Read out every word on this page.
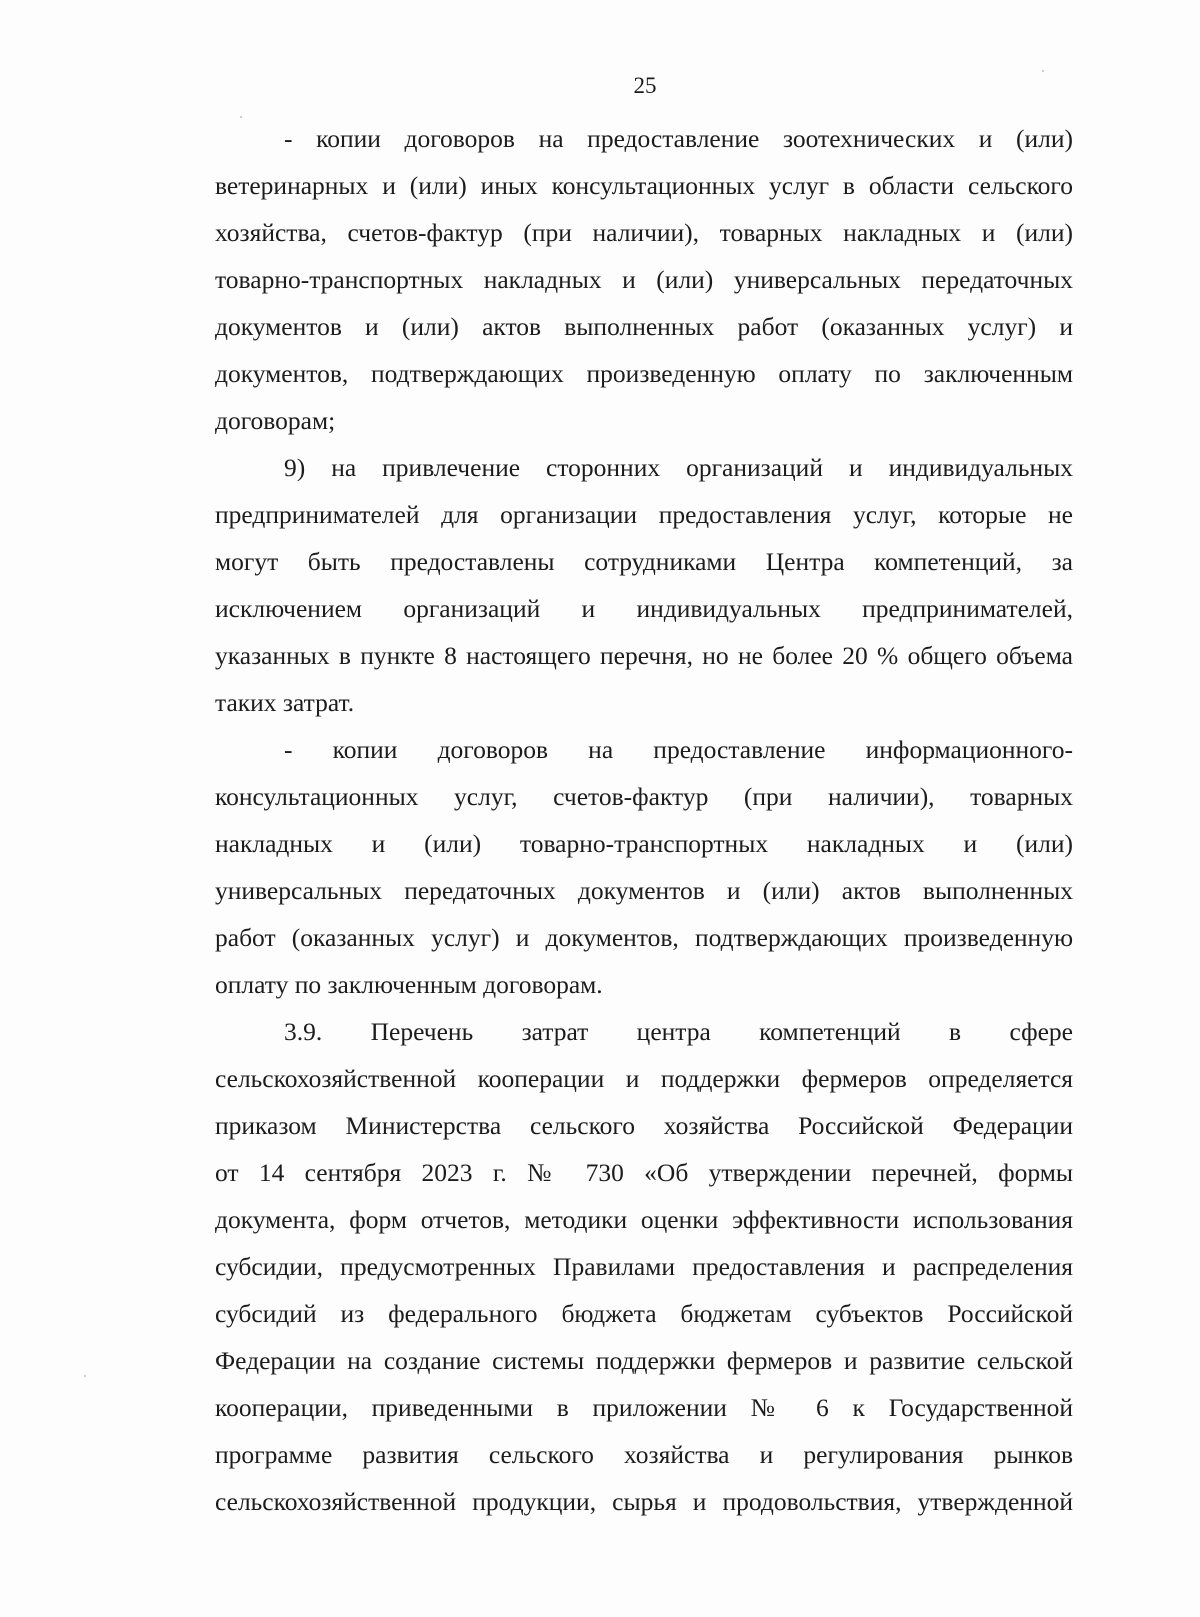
25
- копии договоров на предоставление зоотехнических и (или)
ветеринарных и (или) иных консультационных услуг в области сельского
хозяйства, счетов-фактур (при наличии), товарных накладных и (или)
товарно-транспортных накладных и (или) универсальных передаточных
документов и (или) актов выполненных работ (оказанных услуг) и
документов, подтверждающих произведенную оплату по заключенным
договорам;
9) на привлечение сторонних организаций и индивидуальных
предпринимателей для организации предоставления услуг, которые не
могут быть предоставлены сотрудниками Центра компетенций, за
исключением организаций и индивидуальных предпринимателей,
указанных в пункте 8 настоящего перечня, но не более 20 % общего объема
таких затрат.
- копии договоров на предоставление информационного-
консультационных услуг, счетов-фактур (при наличии), товарных
накладных и (или) товарно-транспортных накладных и (или)
универсальных передаточных документов и (или) актов выполненных
работ (оказанных услуг) и документов, подтверждающих произведенную
оплату по заключенным договорам.
3.9. Перечень затрат центра компетенций в сфере
сельскохозяйственной кооперации и поддержки фермеров определяется
приказом Министерства сельского хозяйства Российской Федерации
от 14 сентября 2023 г. № 730 «Об утверждении перечней, формы
документа, форм отчетов, методики оценки эффективности использования
субсидии, предусмотренных Правилами предоставления и распределения
субсидий из федерального бюджета бюджетам субъектов Российской
Федерации на создание системы поддержки фермеров и развитие сельской
кооперации, приведенными в приложении № 6 к Государственной
программе развития сельского хозяйства и регулирования рынков
сельскохозяйственной продукции, сырья и продовольствия, утвержденной
